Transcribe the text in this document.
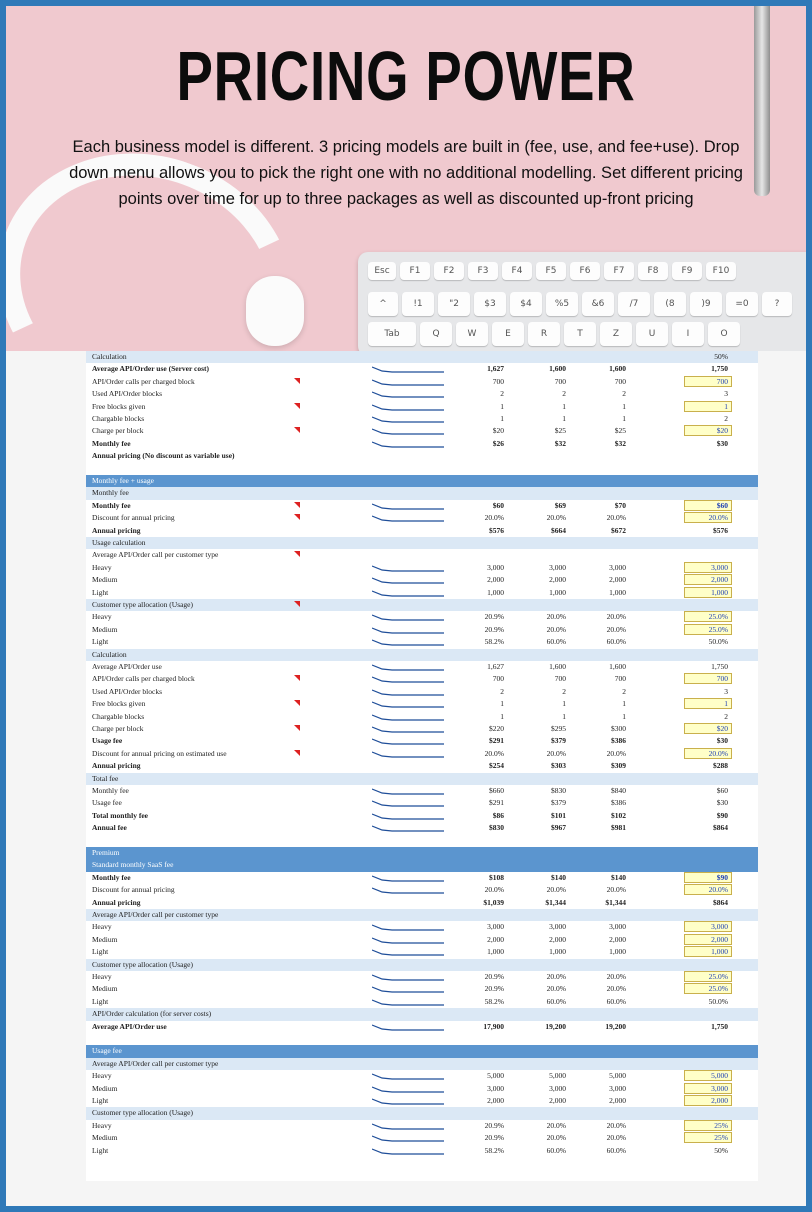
Esc	F1	F2	F3	F4	F5	F6	F7	F8	F9	F10
^	!1	"2	$3	$4	%5	&6	/7	(8	)9	=0	?
Tab	Q	W	E	R	T	Z	U	I	O
PRICING POWER

Each business model is different. 3 pricing models are built in (fee, use, and fee+use). Drop down menu allows you to pick the right one with no additional modelling. Set different pricing points over time for up to three packages as well as discounted up-front pricing

Calculation	50%
Average API/Order use (Server cost)	1,627	1,600	1,600	1,750
API/Order calls per charged block	700	700	700	700
Used API/Order blocks	2	2	2	3
Free blocks given	1	1	1	1
Chargable blocks	1	1	1	2
Charge per block	$20	$25	$25	$20
Monthly fee	$26	$32	$32	$30
Annual pricing (No discount as variable use)
Monthly fee + usage
Monthly fee
Monthly fee	$60	$69	$70	$60
Discount for annual pricing	20.0%	20.0%	20.0%	20.0%
Annual pricing	$576	$664	$672	$576
Usage calculation
Average API/Order call per customer type
Heavy	3,000	3,000	3,000	3,000
Medium	2,000	2,000	2,000	2,000
Light	1,000	1,000	1,000	1,000
Customer type allocation (Usage)
Heavy	20.9%	20.0%	20.0%	25.0%
Medium	20.9%	20.0%	20.0%	25.0%
Light	58.2%	60.0%	60.0%	50.0%
Calculation
Average API/Order use	1,627	1,600	1,600	1,750
API/Order calls per charged block	700	700	700	700
Used API/Order blocks	2	2	2	3
Free blocks given	1	1	1	1
Chargable blocks	1	1	1	2
Charge per block	$220	$295	$300	$20
Usage fee	$291	$379	$386	$30
Discount for annual pricing on estimated use	20.0%	20.0%	20.0%	20.0%
Annual pricing	$254	$303	$309	$288
Total fee
Monthly fee	$660	$830	$840	$60
Usage fee	$291	$379	$386	$30
Total monthly fee	$86	$101	$102	$90
Annual fee	$830	$967	$981	$864
Premium
Standard monthly SaaS fee
Monthly fee	$108	$140	$140	$90
Discount for annual pricing	20.0%	20.0%	20.0%	20.0%
Annual pricing	$1,039	$1,344	$1,344	$864
Average API/Order call per customer type
Heavy	3,000	3,000	3,000	3,000
Medium	2,000	2,000	2,000	2,000
Light	1,000	1,000	1,000	1,000
Customer type allocation (Usage)
Heavy	20.9%	20.0%	20.0%	25.0%
Medium	20.9%	20.0%	20.0%	25.0%
Light	58.2%	60.0%	60.0%	50.0%
API/Order calculation (for server costs)
Average API/Order use	17,900	19,200	19,200	1,750
Usage fee
Average API/Order call per customer type
Heavy	5,000	5,000	5,000	5,000
Medium	3,000	3,000	3,000	3,000
Light	2,000	2,000	2,000	2,000
Customer type allocation (Usage)
Heavy	20.9%	20.0%	20.0%	25%
Medium	20.9%	20.0%	20.0%	25%
Light	58.2%	60.0%	60.0%	50%
